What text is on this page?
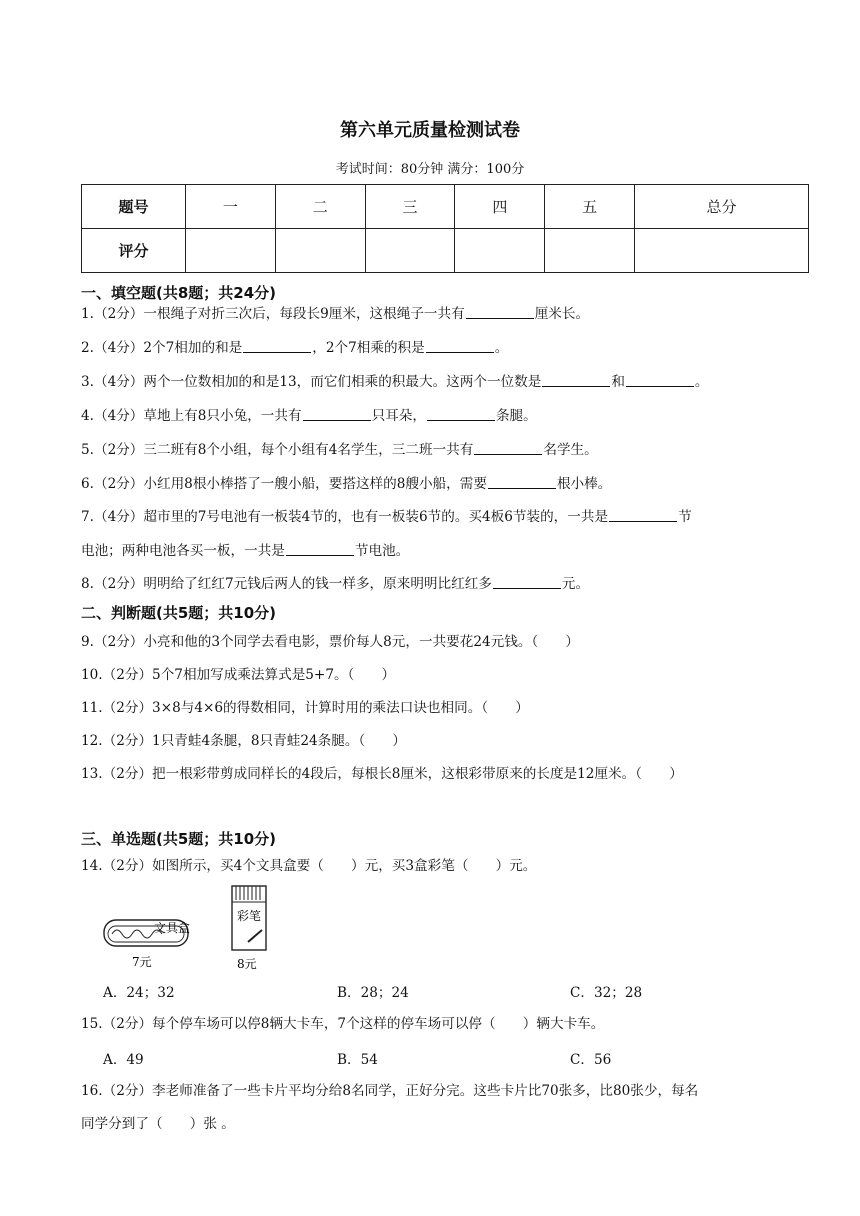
第六单元质量检测试卷
考试时间：80分钟 满分：100分
题号	一	二	三	四	五	总分
评分						
一、填空题(共8题；共24分)
1.（2分）一根绳子对折三次后，每段长9厘米，这根绳子一共有	厘米长。
2.（4分）2个7相加的和是	，2个7相乘的积是	。
3.（4分）两个一位数相加的和是13，而它们相乘的积最大。这两个一位数是	和	。
4.（4分）草地上有8只小兔，一共有	只耳朵，	条腿。
5.（2分）三二班有8个小组，每个小组有4名学生，三二班一共有	名学生。
6.（2分）小红用8根小棒搭了一艘小船，要搭这样的8艘小船，需要	根小棒。
7.（4分）超市里的7号电池有一板装4节的，也有一板装6节的。买4板6节装的，一共是	节
电池；两种电池各买一板，一共是	节电池。
8.（2分）明明给了红红7元钱后两人的钱一样多，原来明明比红红多	元。
二、判断题(共5题；共10分)
9.（2分）小亮和他的3个同学去看电影，票价每人8元，一共要花24元钱。（　　）
10.（2分）5个7相加写成乘法算式是5+7。（　　）
11.（2分）3×8与4×6的得数相同，计算时用的乘法口诀也相同。（　　）
12.（2分）1只青蛙4条腿，8只青蛙24条腿。（　　）
13.（2分）把一根彩带剪成同样长的4段后，每根长8厘米，这根彩带原来的长度是12厘米。（　　）
三、单选题(共5题；共10分)
14.（2分）如图所示，买4个文具盒要（　　）元，买3盒彩笔（　　）元。
文具盒
7元
彩笔
8元
A．24；32	B．28；24	C．32；28
15.（2分）每个停车场可以停8辆大卡车，7个这样的停车场可以停（　　）辆大卡车。
A．49	B．54	C．56
16.（2分）李老师准备了一些卡片平均分给8名同学，正好分完。这些卡片比70张多，比80张少，每名
同学分到了（　　）张 。
